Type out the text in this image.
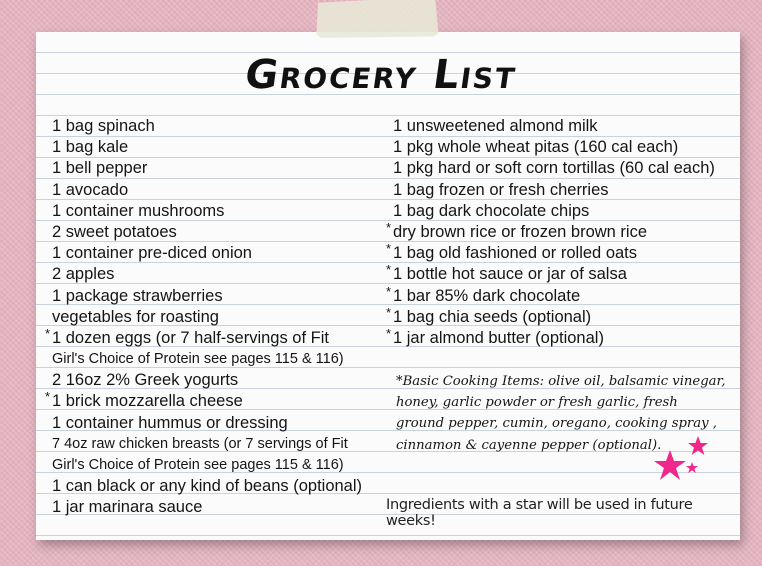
Grocery List
1 bag spinach
1 bag kale
1 bell pepper
1 avocado
1 container mushrooms
2 sweet potatoes
1 container pre-diced onion
2 apples
1 package strawberries
vegetables for roasting
* 1 dozen eggs (or 7 half-servings of Fit
Girl's Choice of Protein see pages 115 & 116)
2 16oz 2% Greek yogurts
* 1 brick mozzarella cheese
1 container hummus or dressing
7 4oz raw chicken breasts (or 7 servings of Fit
Girl's Choice of Protein see pages 115 & 116)
1 can black or any kind of beans (optional)
1 jar marinara sauce
1 unsweetened almond milk
1 pkg whole wheat pitas (160 cal each)
1 pkg hard or soft corn tortillas (60 cal each)
1 bag frozen or fresh cherries
1 bag dark chocolate chips
* dry brown rice or frozen brown rice
* 1 bag old fashioned or rolled oats
* 1 bottle hot sauce or jar of salsa
* 1 bar 85% dark chocolate
* 1 bag chia seeds (optional)
* 1 jar almond butter (optional)
*Basic Cooking Items: olive oil, balsamic vinegar, honey, garlic powder or fresh garlic, fresh ground pepper, cumin, oregano, cooking spray , cinnamon & cayenne pepper (optional).
Ingredients with a star will be used in future weeks!
